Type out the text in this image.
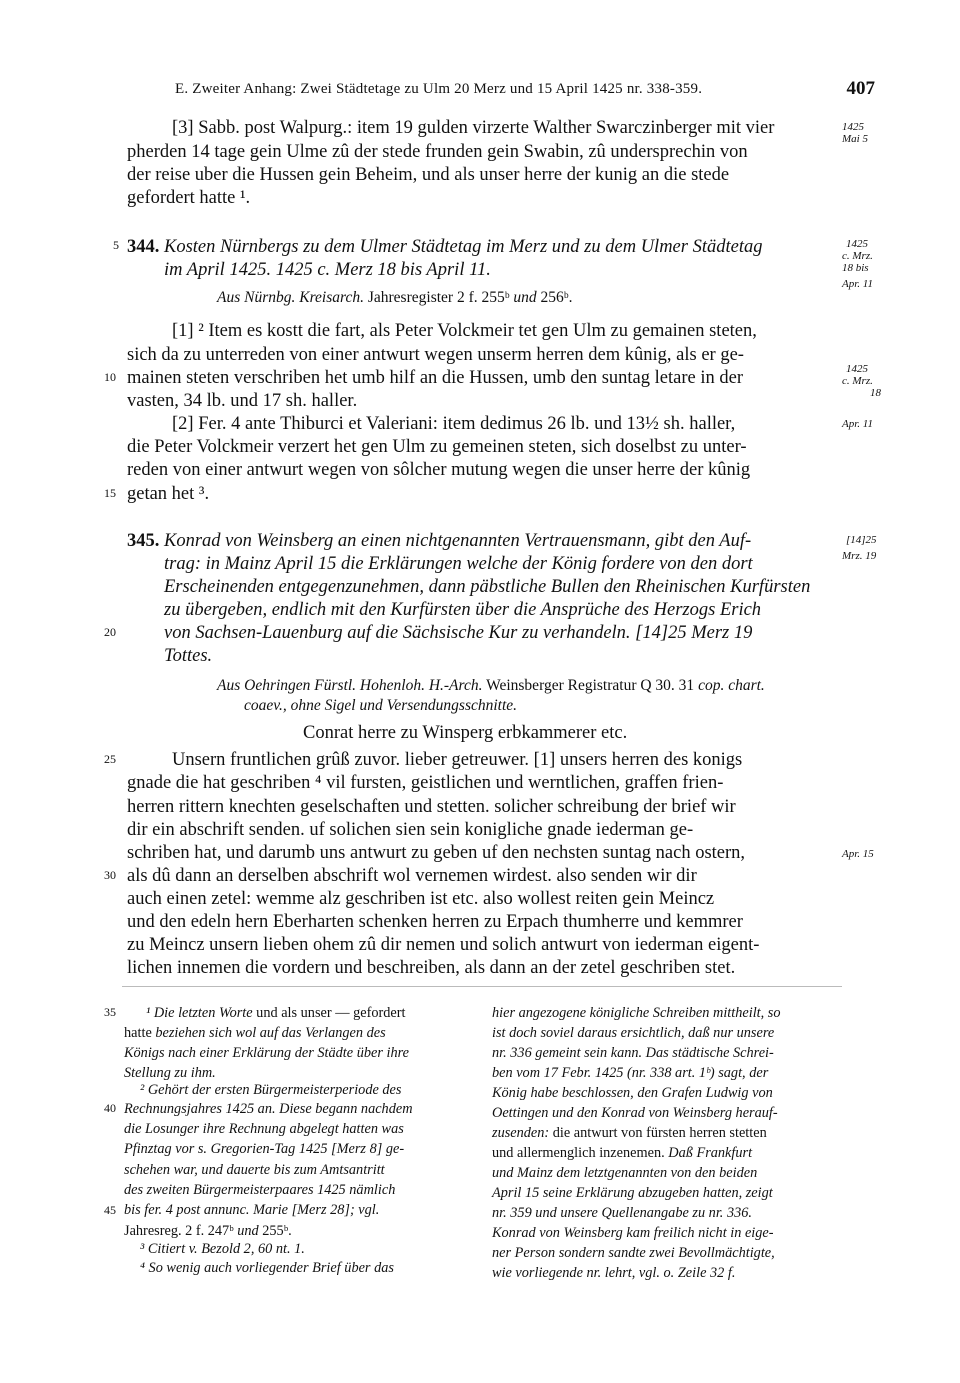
E. Zweiter Anhang: Zwei Städtetage zu Ulm 20 Merz und 15 April 1425 nr. 338-359.	407
[3] Sabb. post Walpurg.: item 19 gulden virzerte Walther Swarczinberger mit vier
pherden 14 tage gein Ulme zû der stede frunden gein Swabin, zû undersprechin von
der reise uber die Hussen gein Beheim, und als unser herre der kunig an die stede
gefordert hatte ¹.
344. Kosten Nürnbergs zu dem Ulmer Städtetag im Merz und zu dem Ulmer Städtetag
im April 1425. 1425 c. Merz 18 bis April 11.
Aus Nürnbg. Kreisarch. Jahresregister 2 f. 255ᵇ und 256ᵇ.
[1] ² Item es kostt die fart, als Peter Volckmeir tet gen Ulm zu gemainen steten,
sich da zu unterreden von einer antwurt wegen unserm herren dem kûnig, als er ge-
mainen steten verschriben het umb hilf an die Hussen, umb den suntag letare in der
vasten, 34 lb. und 17 sh. haller.
[2] Fer. 4 ante Thiburci et Valeriani: item dedimus 26 lb. und 13½ sh. haller,
die Peter Volckmeir verzert het gen Ulm zu gemeinen steten, sich doselbst zu unter-
reden von einer antwurt wegen von sôlcher mutung wegen die unser herre der kûnig
getan het ³.
345. Konrad von Weinsberg an einen nichtgenannten Vertrauensmann, gibt den Auf-
trag: in Mainz April 15 die Erklärungen welche der König fordere von den dort
Erscheinenden entgegenzunehmen, dann päbstliche Bullen den Rheinischen Kurfürsten
zu übergeben, endlich mit den Kurfürsten über die Ansprüche des Herzogs Erich
von Sachsen-Lauenburg auf die Sächsische Kur zu verhandeln. [14]25 Merz 19
Tottes.
Aus Oehringen Fürstl. Hohenloh. H.-Arch. Weinsberger Registratur Q 30. 31 cop. chart.
coaev., ohne Sigel und Versendungsschnitte.
Conrat herre zu Winsperg erbkammerer etc.
Unsern fruntlichen grûß zuvor. lieber getreuwer. [1] unsers herren des konigs
gnade die hat geschriben ⁴ vil fursten, geistlichen und werntlichen, graffen frien-
herren rittern knechten geselschaften und stetten. solicher schreibung der brief wir
dir ein abschrift senden. uf solichen sien sein konigliche gnade iederman ge-
schriben hat, und darumb uns antwurt zu geben uf den nechsten suntag nach ostern,
als dû dann an derselben abschrift wol vernemen wirdest. also senden wir dir
auch einen zetel: wemme alz geschriben ist etc. also wollest reiten gein Meincz
und den edeln hern Eberharten schenken herren zu Erpach thumherre und kemmrer
zu Meincz unsern lieben ohem zû dir nemen und solich antwurt von iederman eigent-
lichen innemen die vordern und beschreiben, als dann an der zetel geschriben stet.
5
10
15
20
25
30
35
40
45
1425
Mai 5
1425
c. Mrz.
18 bis
Apr. 11
1425
c. Mrz.
18
Apr. 11
[14]25
Mrz. 19
Apr. 15
¹ Die letzten Worte und als unser — gefordert
hatte beziehen sich wol auf das Verlangen des
Königs nach einer Erklärung der Städte über ihre
Stellung zu ihm.
² Gehört der ersten Bürgermeisterperiode des
Rechnungsjahres 1425 an. Diese begann nachdem
die Losunger ihre Rechnung abgelegt hatten was
Pfinztag vor s. Gregorien-Tag 1425 [Merz 8] ge-
schehen war, und dauerte bis zum Amtsantritt
des zweiten Bürgermeisterpaares 1425 nämlich
bis fer. 4 post annunc. Marie [Merz 28]; vgl.
Jahresreg. 2 f. 247ᵇ und 255ᵇ.
³ Citiert v. Bezold 2, 60 nt. 1.
⁴ So wenig auch vorliegender Brief über das
hier angezogene königliche Schreiben mittheilt, so
ist doch soviel daraus ersichtlich, daß nur unsere
nr. 336 gemeint sein kann. Das städtische Schrei-
ben vom 17 Febr. 1425 (nr. 338 art. 1ᵇ) sagt, der
König habe beschlossen, den Grafen Ludwig von
Oettingen und den Konrad von Weinsberg herauf-
zusenden: die antwurt von fürsten herren stetten
und allermenglich inzenemen. Daß Frankfurt
und Mainz dem letztgenannten von den beiden
April 15 seine Erklärung abzugeben hatten, zeigt
nr. 359 und unsere Quellenangabe zu nr. 336.
Konrad von Weinsberg kam freilich nicht in eige-
ner Person sondern sandte zwei Bevollmächtigte,
wie vorliegende nr. lehrt, vgl. o. Zeile 32 f.
